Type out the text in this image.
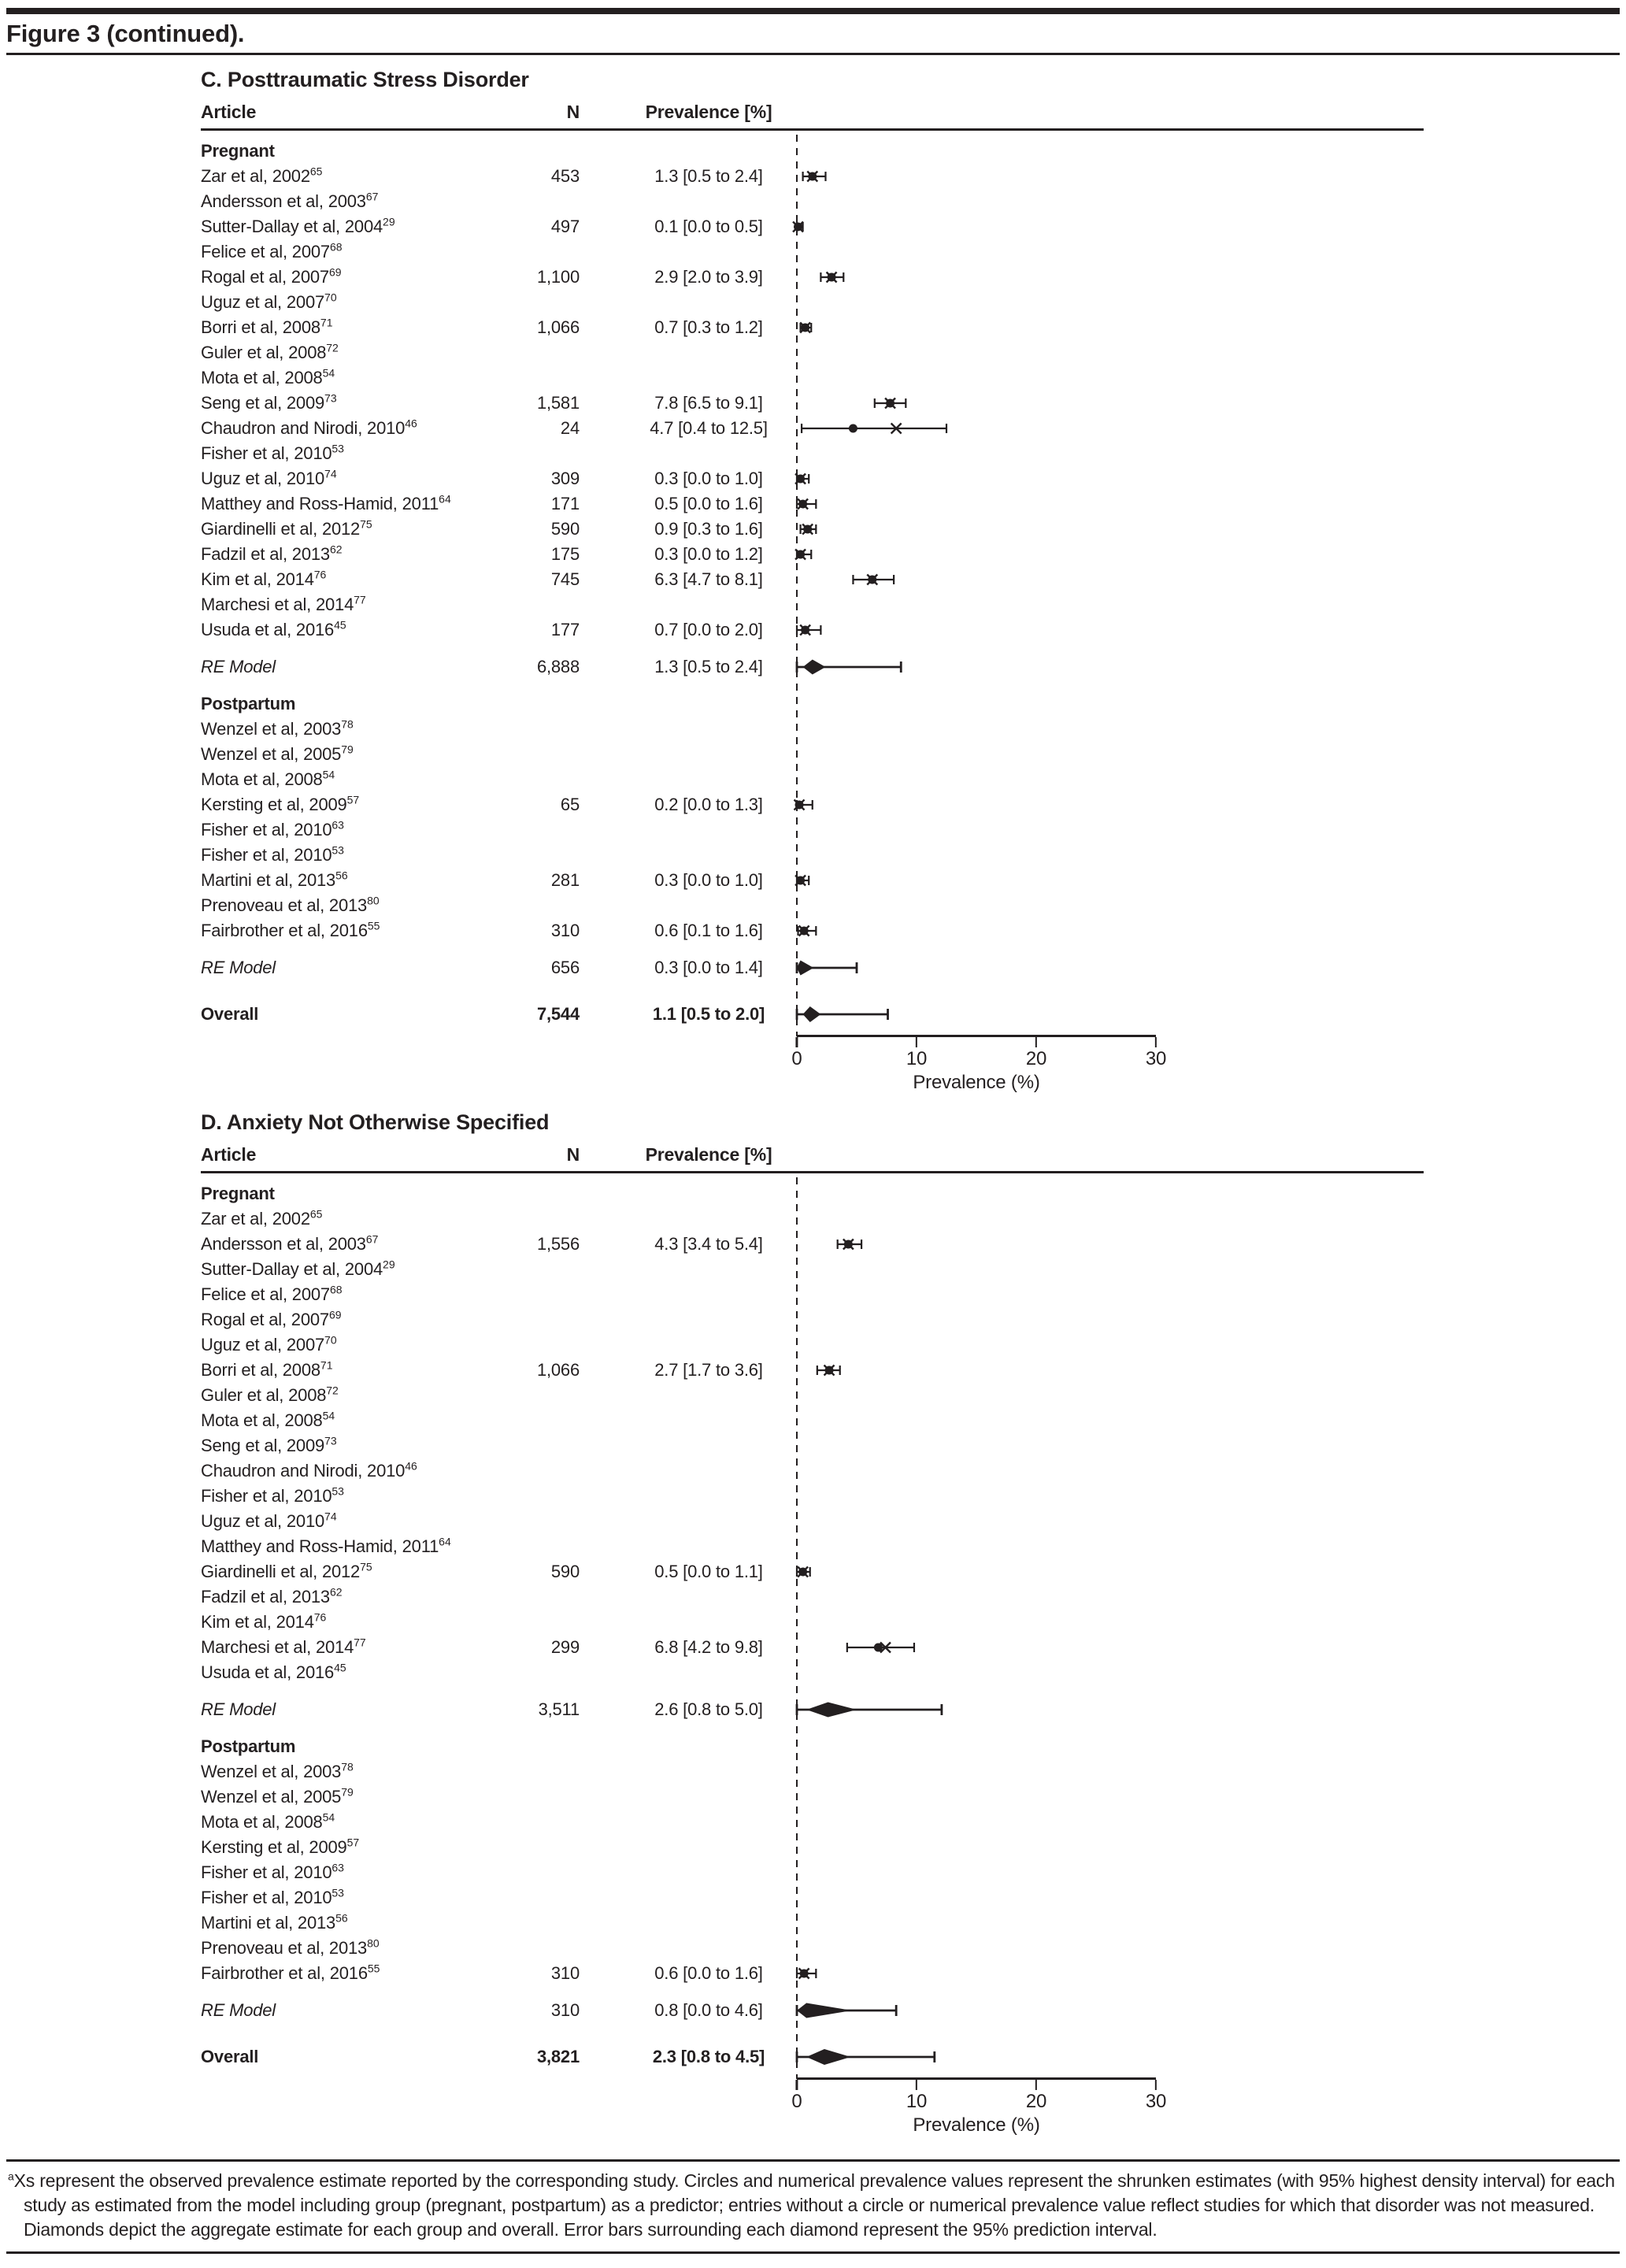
Figure 3 (continued).
C. Posttraumatic Stress Disorder
Article	N	Prevalence [%]
Pregnant
Zar et al, 2002$^{65}$	453	1.3 [0.5 to 2.4]
Andersson et al, 2003$^{67}$
Sutter-Dallay et al, 2004$^{29}$	497	0.1 [0.0 to 0.5]
Felice et al, 2007$^{68}$
Rogal et al, 2007$^{69}$	1,100	2.9 [2.0 to 3.9]
Uguz et al, 2007$^{70}$
Borri et al, 2008$^{71}$	1,066	0.7 [0.3 to 1.2]
Guler et al, 2008$^{72}$
Mota et al, 2008$^{54}$
Seng et al, 2009$^{73}$	1,581	7.8 [6.5 to 9.1]
Chaudron and Nirodi, 2010$^{46}$	24	4.7 [0.4 to 12.5]
Fisher et al, 2010$^{53}$
Uguz et al, 2010$^{74}$	309	0.3 [0.0 to 1.0]
Matthey and Ross-Hamid, 2011$^{64}$	171	0.5 [0.0 to 1.6]
Giardinelli et al, 2012$^{75}$	590	0.9 [0.3 to 1.6]
Fadzil et al, 2013$^{62}$	175	0.3 [0.0 to 1.2]
Kim et al, 2014$^{76}$	745	6.3 [4.7 to 8.1]
Marchesi et al, 2014$^{77}$
Usuda et al, 2016$^{45}$	177	0.7 [0.0 to 2.0]
RE Model	6,888	1.3 [0.5 to 2.4]
Postpartum
Wenzel et al, 2003$^{78}$
Wenzel et al, 2005$^{79}$
Mota et al, 2008$^{54}$
Kersting et al, 2009$^{57}$	65	0.2 [0.0 to 1.3]
Fisher et al, 2010$^{63}$
Fisher et al, 2010$^{53}$
Martini et al, 2013$^{56}$	281	0.3 [0.0 to 1.0]
Prenoveau et al, 2013$^{80}$
Fairbrother et al, 2016$^{55}$	310	0.6 [0.1 to 1.6]
RE Model	656	0.3 [0.0 to 1.4]
Overall	7,544	1.1 [0.5 to 2.0]
0	10	20	30
Prevalence (%)
D. Anxiety Not Otherwise Specified
Article	N	Prevalence [%]
Pregnant
Zar et al, 2002$^{65}$
Andersson et al, 2003$^{67}$	1,556	4.3 [3.4 to 5.4]
Sutter-Dallay et al, 2004$^{29}$
Felice et al, 2007$^{68}$
Rogal et al, 2007$^{69}$
Uguz et al, 2007$^{70}$
Borri et al, 2008$^{71}$	1,066	2.7 [1.7 to 3.6]
Guler et al, 2008$^{72}$
Mota et al, 2008$^{54}$
Seng et al, 2009$^{73}$
Chaudron and Nirodi, 2010$^{46}$
Fisher et al, 2010$^{53}$
Uguz et al, 2010$^{74}$
Matthey and Ross-Hamid, 2011$^{64}$
Giardinelli et al, 2012$^{75}$	590	0.5 [0.0 to 1.1]
Fadzil et al, 2013$^{62}$
Kim et al, 2014$^{76}$
Marchesi et al, 2014$^{77}$	299	6.8 [4.2 to 9.8]
Usuda et al, 2016$^{45}$
RE Model	3,511	2.6 [0.8 to 5.0]
Postpartum
Wenzel et al, 2003$^{78}$
Wenzel et al, 2005$^{79}$
Mota et al, 2008$^{54}$
Kersting et al, 2009$^{57}$
Fisher et al, 2010$^{63}$
Fisher et al, 2010$^{53}$
Martini et al, 2013$^{56}$
Prenoveau et al, 2013$^{80}$
Fairbrother et al, 2016$^{55}$	310	0.6 [0.0 to 1.6]
RE Model	310	0.8 [0.0 to 4.6]
Overall	3,821	2.3 [0.8 to 4.5]
0	10	20	30
Prevalence (%)
$^a$Xs represent the observed prevalence estimate reported by the corresponding study. Circles and numerical prevalence values represent the shrunken estimates (with 95% highest density interval) for each study as estimated from the model including group (pregnant, postpartum) as a predictor; entries without a circle or numerical prevalence value reflect studies for which that disorder was not measured. Diamonds depict the aggregate estimate for each group and overall. Error bars surrounding each diamond represent the 95% prediction interval.
